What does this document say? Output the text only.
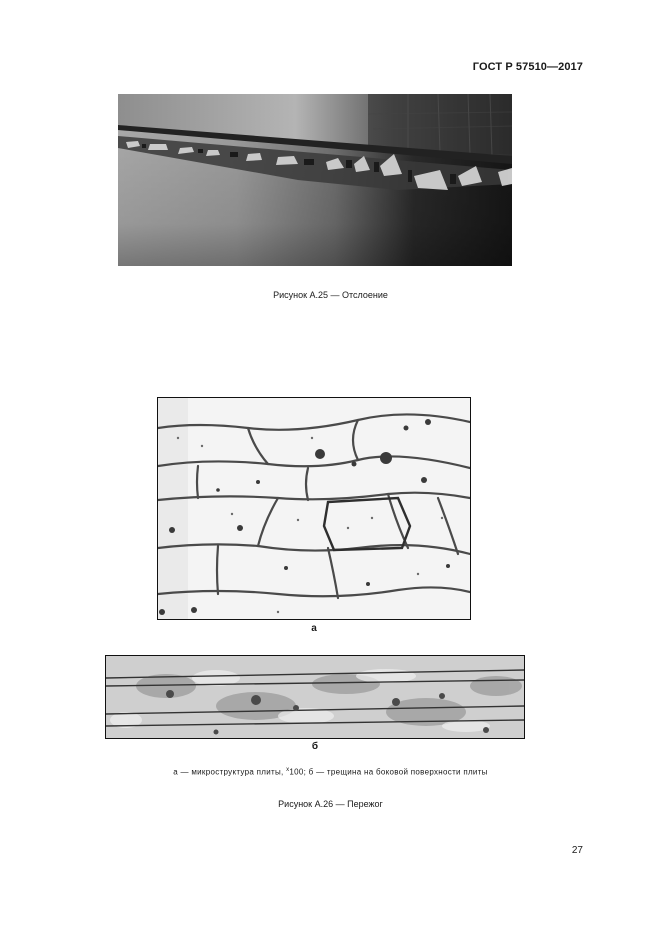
ГОСТ Р 57510—2017
Рисунок А.25 — Отслоение
а
б
а — микроструктура плиты, $^x$100; б — трещина на боковой поверхности плиты
Рисунок А.26 — Пережог
27
